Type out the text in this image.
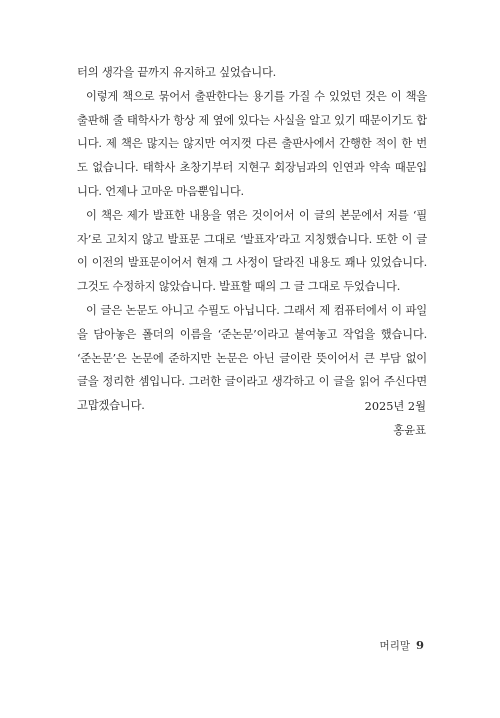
터의 생각을 끝까지 유지하고 싶었습니다.

이렇게 책으로 묶어서 출판한다는 용기를 가질 수 있었던 것은 이 책을 출판해 줄 태학사가 항상 제 옆에 있다는 사실을 알고 있기 때문이기도 합니다. 제 책은 많지는 않지만 여지껏 다른 출판사에서 간행한 적이 한 번도 없습니다. 태학사 초창기부터 지현구 회장님과의 인연과 약속 때문입니다. 언제나 고마운 마음뿐입니다.

이 책은 제가 발표한 내용을 엮은 것이어서 이 글의 본문에서 저를 ‘필자’로 고치지 않고 발표문 그대로 ‘발표자’라고 지칭했습니다. 또한 이 글이 이전의 발표문이어서 현재 그 사정이 달라진 내용도 꽤나 있었습니다. 그것도 수정하지 않았습니다. 발표할 때의 그 글 그대로 두었습니다.

이 글은 논문도 아니고 수필도 아닙니다. 그래서 제 컴퓨터에서 이 파일을 담아놓은 폴더의 이름을 ‘준논문’이라고 붙여놓고 작업을 했습니다. ‘준논문’은 논문에 준하지만 논문은 아닌 글이란 뜻이어서 큰 부담 없이 글을 정리한 셈입니다. 그러한 글이라고 생각하고 이 글을 읽어 주신다면 고맙겠습니다.	2025년 2월
홍윤표
머리말 9
